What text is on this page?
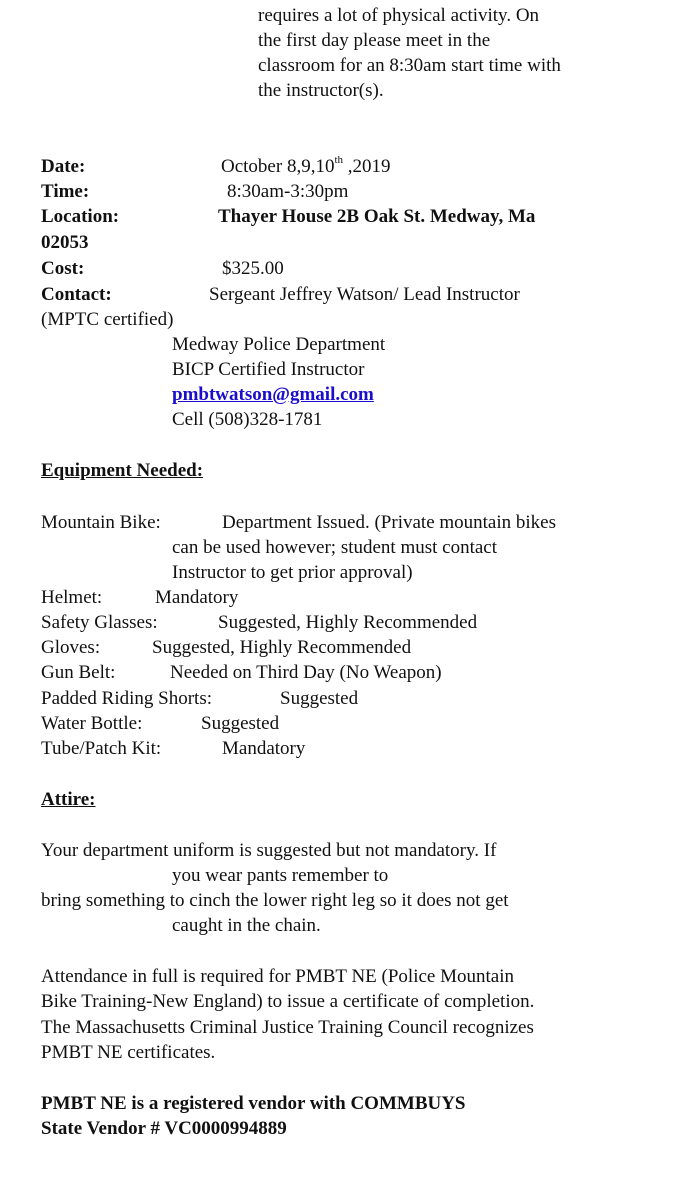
requires a lot of physical activity. On
the first day please meet in the
classroom for an 8:30am start time with
the instructor(s).
Date:	October 8,9,10th ,2019
Time:	8:30am-3:30pm
Location:	Thayer House 2B Oak St. Medway, Ma
02053
Cost:	$325.00
Contact:	Sergeant Jeffrey Watson/ Lead Instructor
(MPTC certified)
Medway Police Department
BICP Certified Instructor
pmbtwatson@gmail.com
Cell (508)328-1781
Equipment Needed:
Mountain Bike:	Department Issued. (Private mountain bikes
can be used however; student must contact
Instructor to get prior approval)
Helmet:	Mandatory
Safety Glasses:	Suggested, Highly Recommended
Gloves:	Suggested, Highly Recommended
Gun Belt:	Needed on Third Day (No Weapon)
Padded Riding Shorts:	Suggested
Water Bottle:	Suggested
Tube/Patch Kit:	Mandatory
Attire:
Your department uniform is suggested but not mandatory. If
you wear pants remember to
bring something to cinch the lower right leg so it does not get
caught in the chain.
Attendance in full is required for PMBT NE (Police Mountain
Bike Training-New England) to issue a certificate of completion.
The Massachusetts Criminal Justice Training Council recognizes
PMBT NE certificates.
PMBT NE is a registered vendor with COMMBUYS
State Vendor # VC0000994889
